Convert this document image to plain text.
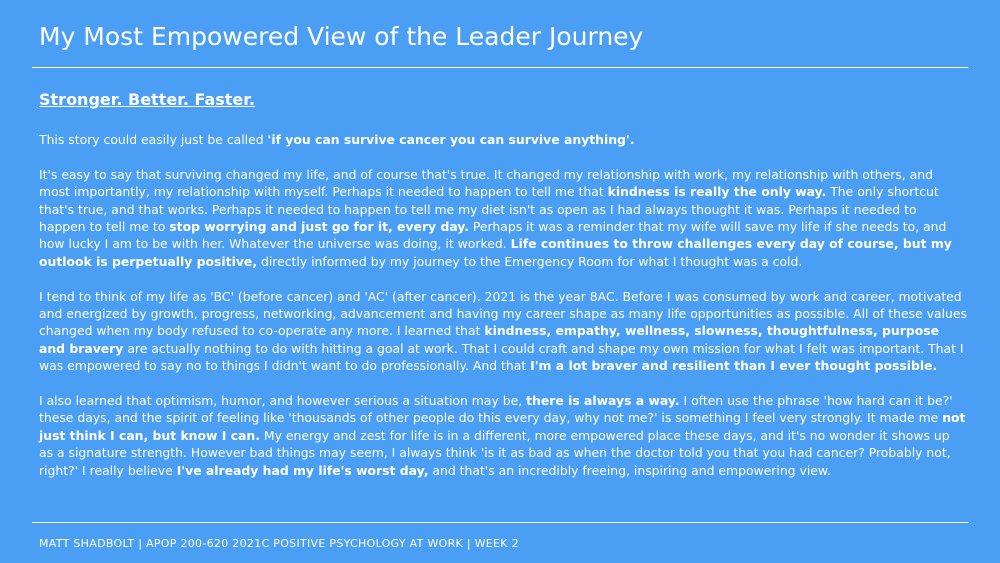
My Most Empowered View of the Leader Journey
Stronger. Better. Faster.

This story could easily just be called 'if you can survive cancer you can survive anything'.

It's easy to say that surviving changed my life, and of course that's true. It changed my relationship with work, my relationship with others, and most importantly, my relationship with myself. Perhaps it needed to happen to tell me that kindness is really the only way. The only shortcut that's true, and that works. Perhaps it needed to happen to tell me my diet isn't as open as I had always thought it was. Perhaps it needed to happen to tell me to stop worrying and just go for it, every day. Perhaps it was a reminder that my wife will save my life if she needs to, and how lucky I am to be with her. Whatever the universe was doing, it worked. Life continues to throw challenges every day of course, but my outlook is perpetually positive, directly informed by my journey to the Emergency Room for what I thought was a cold.

I tend to think of my life as 'BC' (before cancer) and 'AC' (after cancer). 2021 is the year 8AC. Before I was consumed by work and career, motivated and energized by growth, progress, networking, advancement and having my career shape as many life opportunities as possible. All of these values changed when my body refused to co-operate any more. I learned that kindness, empathy, wellness, slowness, thoughtfulness, purpose and bravery are actually nothing to do with hitting a goal at work. That I could craft and shape my own mission for what I felt was important. That I was empowered to say no to things I didn't want to do professionally. And that I'm a lot braver and resilient than I ever thought possible.

I also learned that optimism, humor, and however serious a situation may be, there is always a way. I often use the phrase 'how hard can it be?' these days, and the spirit of feeling like 'thousands of other people do this every day, why not me?' is something I feel very strongly. It made me not just think I can, but know I can. My energy and zest for life is in a different, more empowered place these days, and it's no wonder it shows up as a signature strength. However bad things may seem, I always think 'is it as bad as when the doctor told you that you had cancer? Probably not, right?' I really believe I've already had my life's worst day, and that's an incredibly freeing, inspiring and empowering view.

MATT SHADBOLT | APOP 200-620 2021C POSITIVE PSYCHOLOGY AT WORK | WEEK 2
